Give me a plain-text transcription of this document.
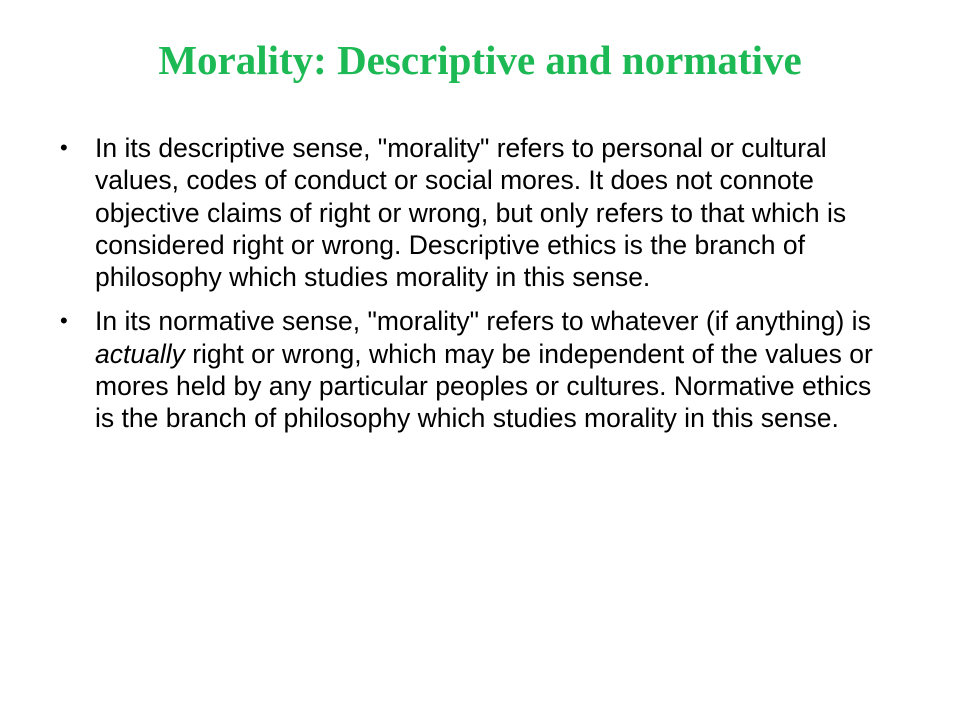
Morality: Descriptive and normative
•	In its descriptive sense, "morality" refers to personal or cultural values, codes of conduct or social mores. It does not connote objective claims of right or wrong, but only refers to that which is considered right or wrong. Descriptive ethics is the branch of philosophy which studies morality in this sense.
•	In its normative sense, "morality" refers to whatever (if anything) is actually right or wrong, which may be independent of the values or mores held by any particular peoples or cultures. Normative ethics is the branch of philosophy which studies morality in this sense.
